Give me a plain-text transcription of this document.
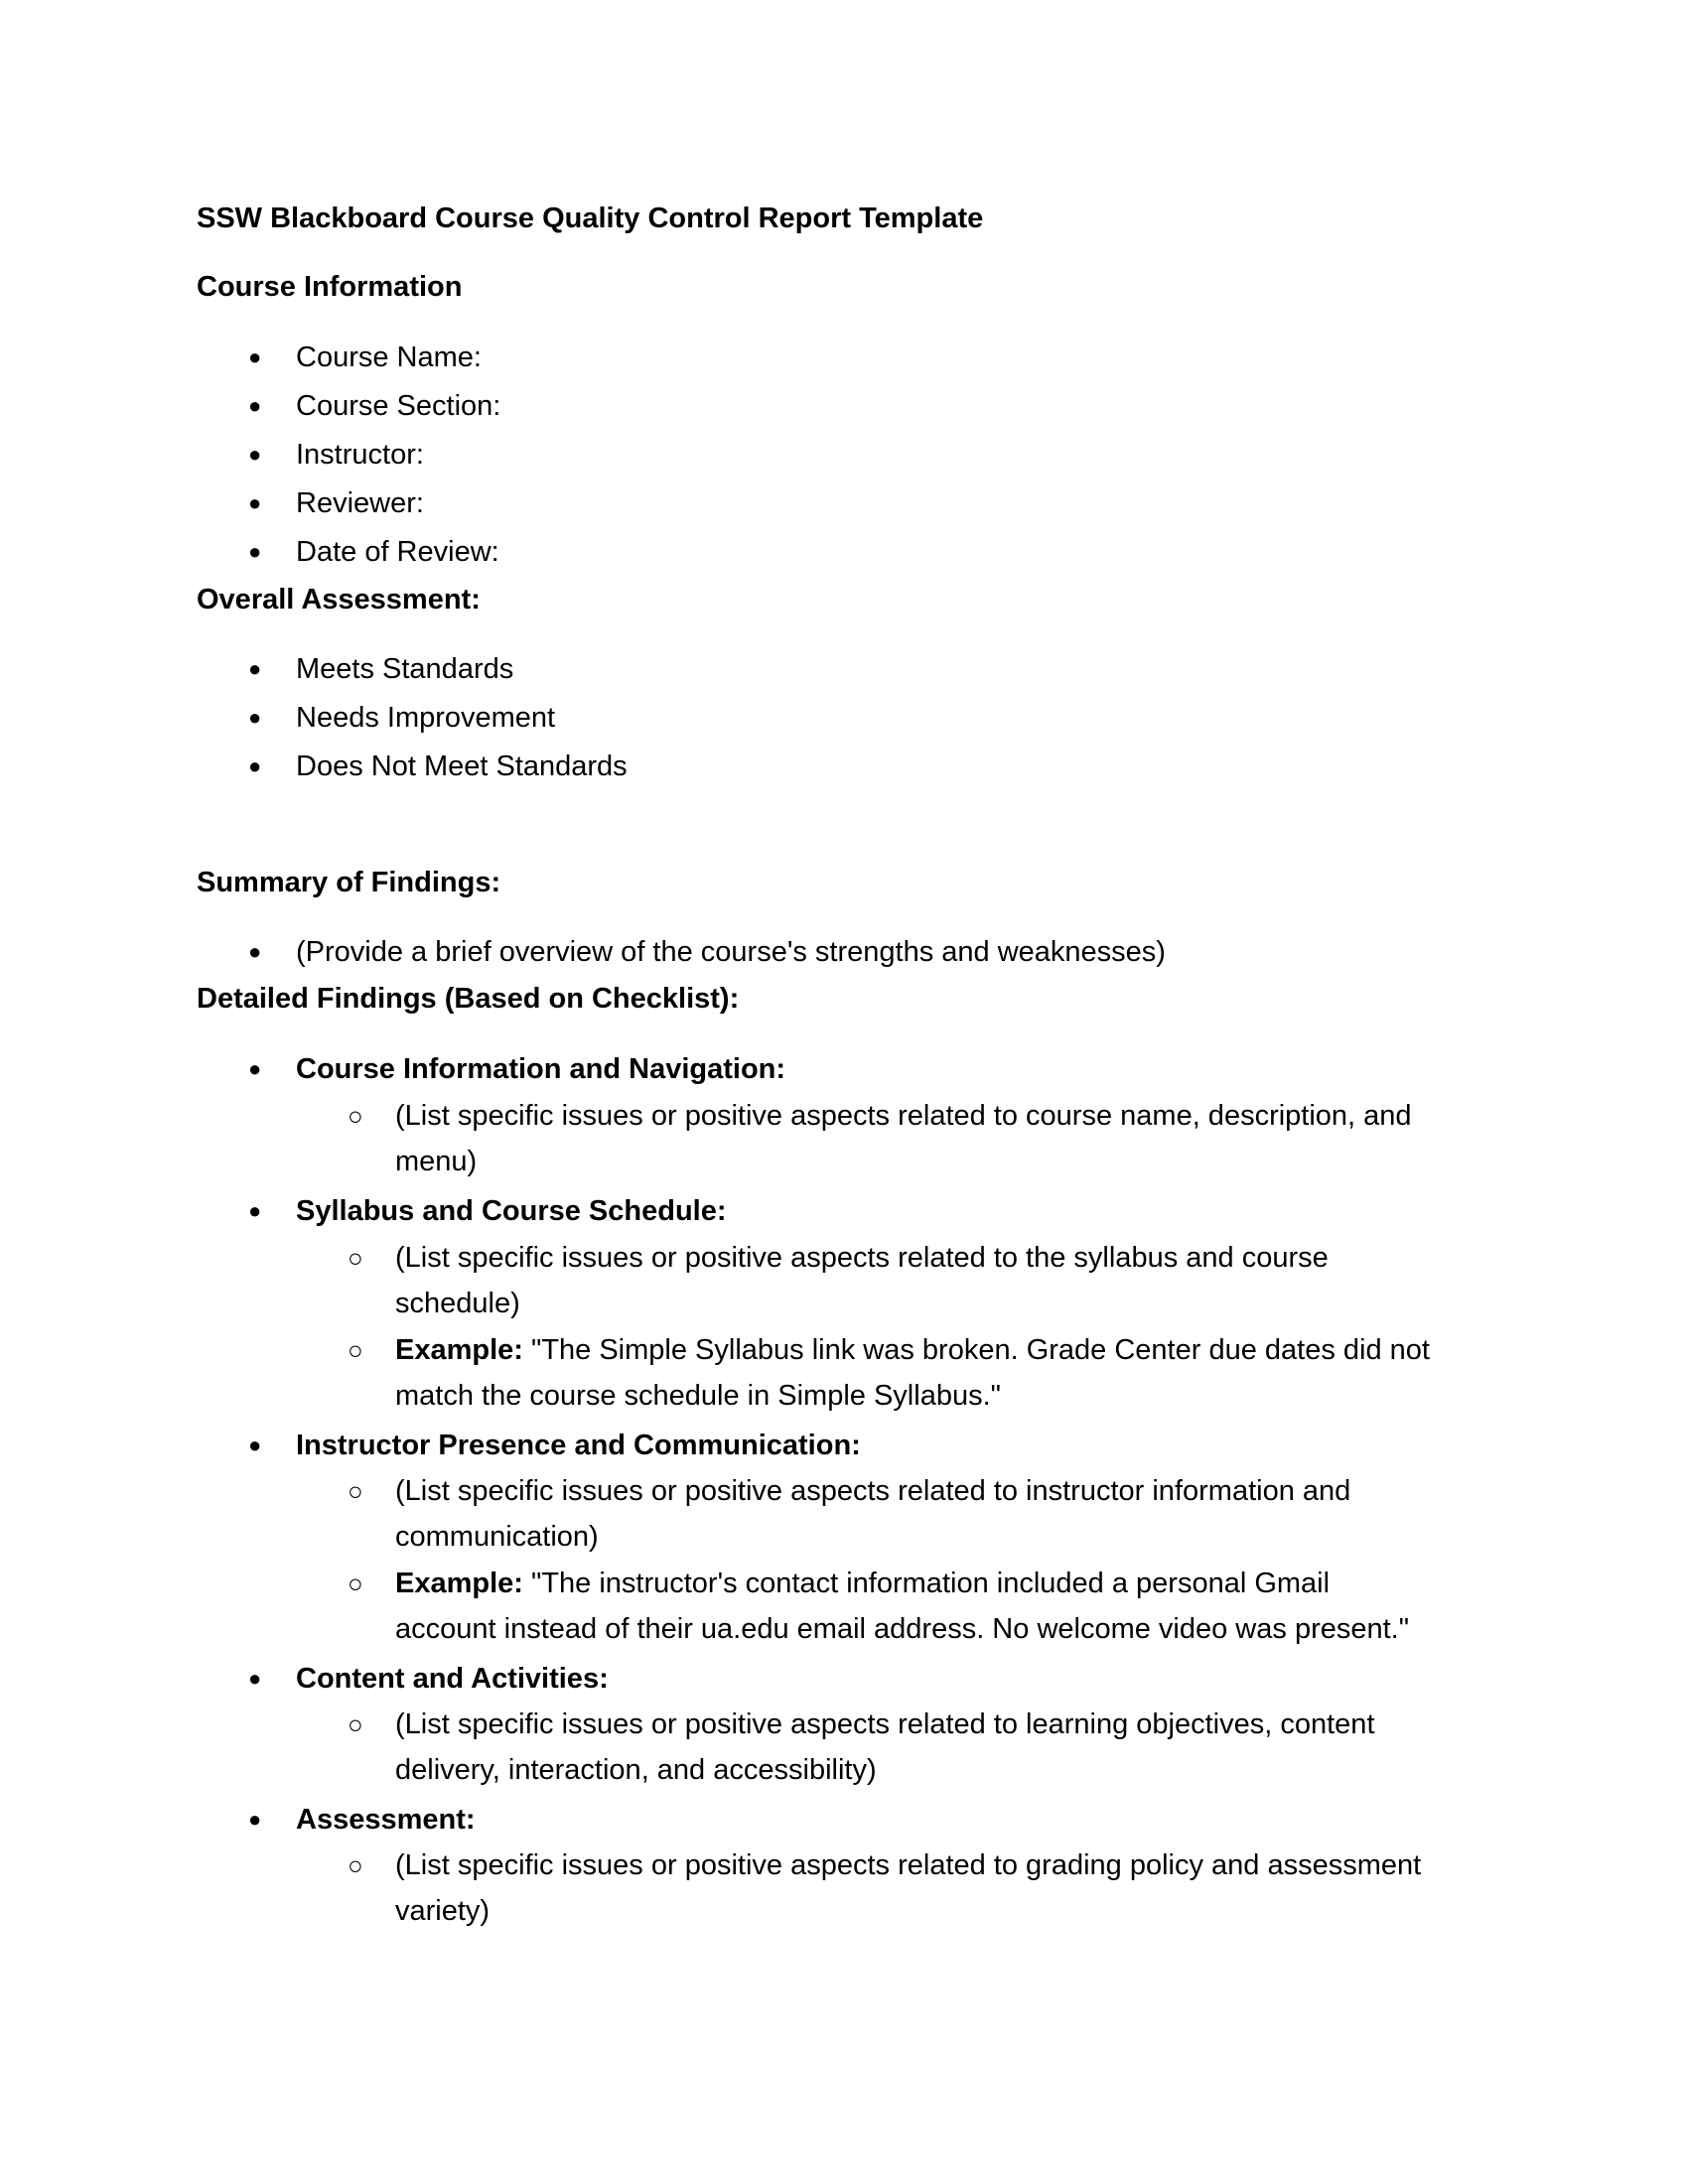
SSW Blackboard Course Quality Control Report Template
Course Information
● Course Name:
● Course Section:
● Instructor:
● Reviewer:
● Date of Review:
Overall Assessment:
● Meets Standards
● Needs Improvement
● Does Not Meet Standards
Summary of Findings:
● (Provide a brief overview of the course's strengths and weaknesses)
Detailed Findings (Based on Checklist):
● Course Information and Navigation:
○ (List specific issues or positive aspects related to course name, description, and
menu)
● Syllabus and Course Schedule:
○ (List specific issues or positive aspects related to the syllabus and course
schedule)
○ Example: "The Simple Syllabus link was broken. Grade Center due dates did not
match the course schedule in Simple Syllabus."
● Instructor Presence and Communication:
○ (List specific issues or positive aspects related to instructor information and
communication)
○ Example: "The instructor's contact information included a personal Gmail
account instead of their ua.edu email address. No welcome video was present."
● Content and Activities:
○ (List specific issues or positive aspects related to learning objectives, content
delivery, interaction, and accessibility)
● Assessment:
○ (List specific issues or positive aspects related to grading policy and assessment
variety)
